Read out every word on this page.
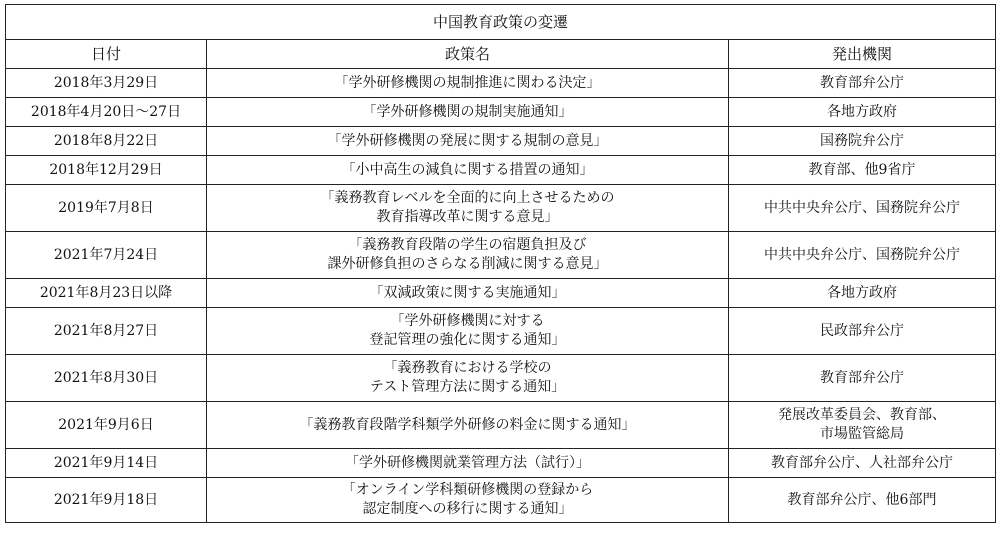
中国教育政策の変遷		
日付	政策名	発出機関
2018年3月29日	「学外研修機関の規制推進に関わる決定」	教育部弁公庁

2018年4月20日～27日	「学外研修機関の規制実施通知」	各地方政府

2018年8月22日	「学外研修機関の発展に関する規制の意見」	国務院弁公庁

2018年12月29日	「小中高生の減負に関する措置の通知」	教育部、他9省庁

2019年7月8日	「義務教育レベルを全面的に向上させるための
教育指導改革に関する意見」	中共中央弁公庁、国務院弁公庁

2021年7月24日	「義務教育段階の学生の宿題負担及び
課外研修負担のさらなる削減に関する意見」	中共中央弁公庁、国務院弁公庁

2021年8月23日以降	「双減政策に関する実施通知」	各地方政府

2021年8月27日	「学外研修機関に対する
登記管理の強化に関する通知」	民政部弁公庁

2021年8月30日	「義務教育における学校の
テスト管理方法に関する通知」	教育部弁公庁

2021年9月6日	「義務教育段階学科類学外研修の料金に関する通知」	発展改革委員会、教育部、
市場監管総局

2021年9月14日	「学外研修機関就業管理方法（試行）」	教育部弁公庁、人社部弁公庁

2021年9月18日	「オンライン学科類研修機関の登録から
認定制度への移行に関する通知」	教育部弁公庁、他6部門
